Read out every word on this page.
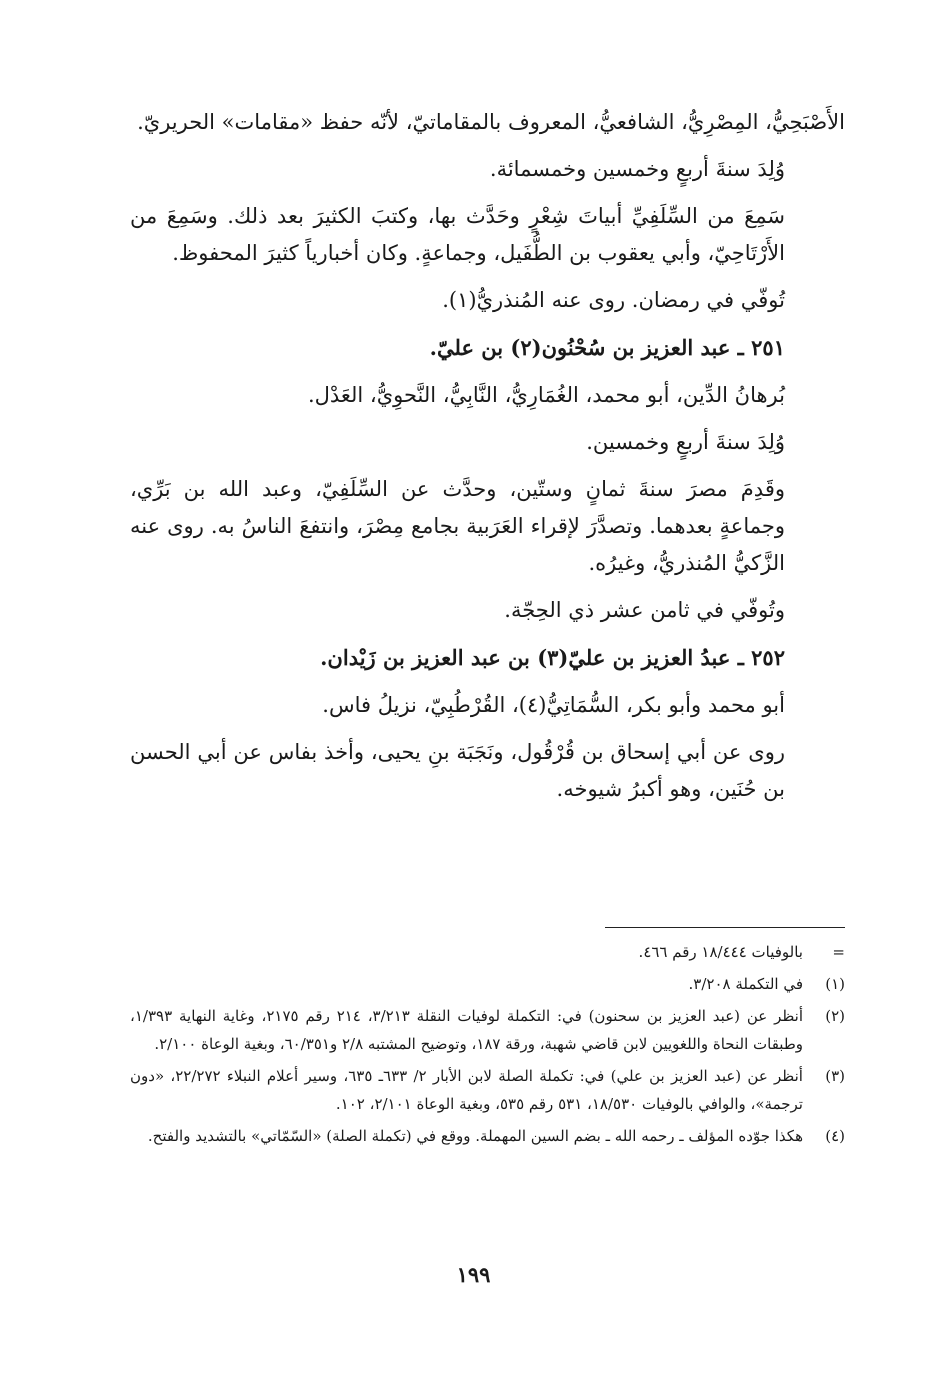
الأَصْبَحِيُّ، المِصْرِيُّ، الشافعيُّ، المعروف بالمقاماتيّ، لأنّه حفظ «مقامات» الحريريّ.

وُلِدَ سنةَ أربعٍ وخمسين وخمسمائة.

سَمِعَ من السِّلَفِيِّ أبياتَ شِعْرٍ وحَدَّث بها، وكتبَ الكثيرَ بعد ذلك. وسَمِعَ من الأَرْتَاحِيّ، وأبي يعقوب بن الطُّفَيل، وجماعةٍ. وكان أخبارياً كثيرَ المحفوظ.

تُوفّي في رمضان. روى عنه المُنذريُّ(١).

٢٥١ ـ عبد العزيز بن سُحْنُون(٢) بن عليّ.

بُرهانُ الدِّين، أبو محمد، الغُمَارِيُّ، النَّابِيُّ، النَّحوِيُّ، العَدْل.

وُلِدَ سنةَ أربعٍ وخمسين.

وقَدِمَ مصرَ سنةَ ثمانٍ وستّين، وحدَّث عن السِّلَفِيّ، وعبد الله بن بَرِّي، وجماعةٍ بعدهما. وتصدَّرَ لإقراء العَرَبية بجامع مِصْرَ، وانتفعَ الناسُ به. روى عنه الزَّكيُّ المُنذريُّ، وغيرُه.

وتُوفّي في ثامن عشر ذي الحِجّة.

٢٥٢ ـ عبدُ العزيز بن عليّ(٣) بن عبد العزيز بن زَيْدان.

أبو محمد وأبو بكر، السُّمَاتِيُّ(٤)، القُرْطُبِيّ، نزيلُ فاس.

روى عن أبي إسحاق بن قُرْقُول، ونَجَبَة بنِ يحيى، وأخذ بفاس عن أبي الحسن بن حُنَين، وهو أكبرُ شيوخه.

=
بالوفيات ١٨/٤٤٤ رقم ٤٦٦.
(١)
في التكملة ٣/٢٠٨.
(٢)
أنظر عن (عبد العزيز بن سحنون) في: التكملة لوفيات النقلة ٣/٢١٣، ٢١٤ رقم ٢١٧٥، وغاية النهاية ١/٣٩٣، وطبقات النحاة واللغويين لابن قاضي شهبة، ورقة ١٨٧، وتوضيح المشتبه ٢/٨ و٦٠/٣٥١، وبغية الوعاة ٢/١٠٠.
(٣)
أنظر عن (عبد العزيز بن علي) في: تكملة الصلة لابن الأبار ٢/ ٦٣٣ـ ٦٣٥، وسير أعلام النبلاء ٢٢/٢٧٢، «دون ترجمة»، والوافي بالوفيات ١٨/٥٣٠، ٥٣١ رقم ٥٣٥، وبغية الوعاة ٢/١٠١، ١٠٢.
(٤)
هكذا جوّده المؤلف ـ رحمه الله ـ بضم السين المهملة. ووقع في (تكملة الصلة) «السّمّاتي» بالتشديد والفتح.
١٩٩
